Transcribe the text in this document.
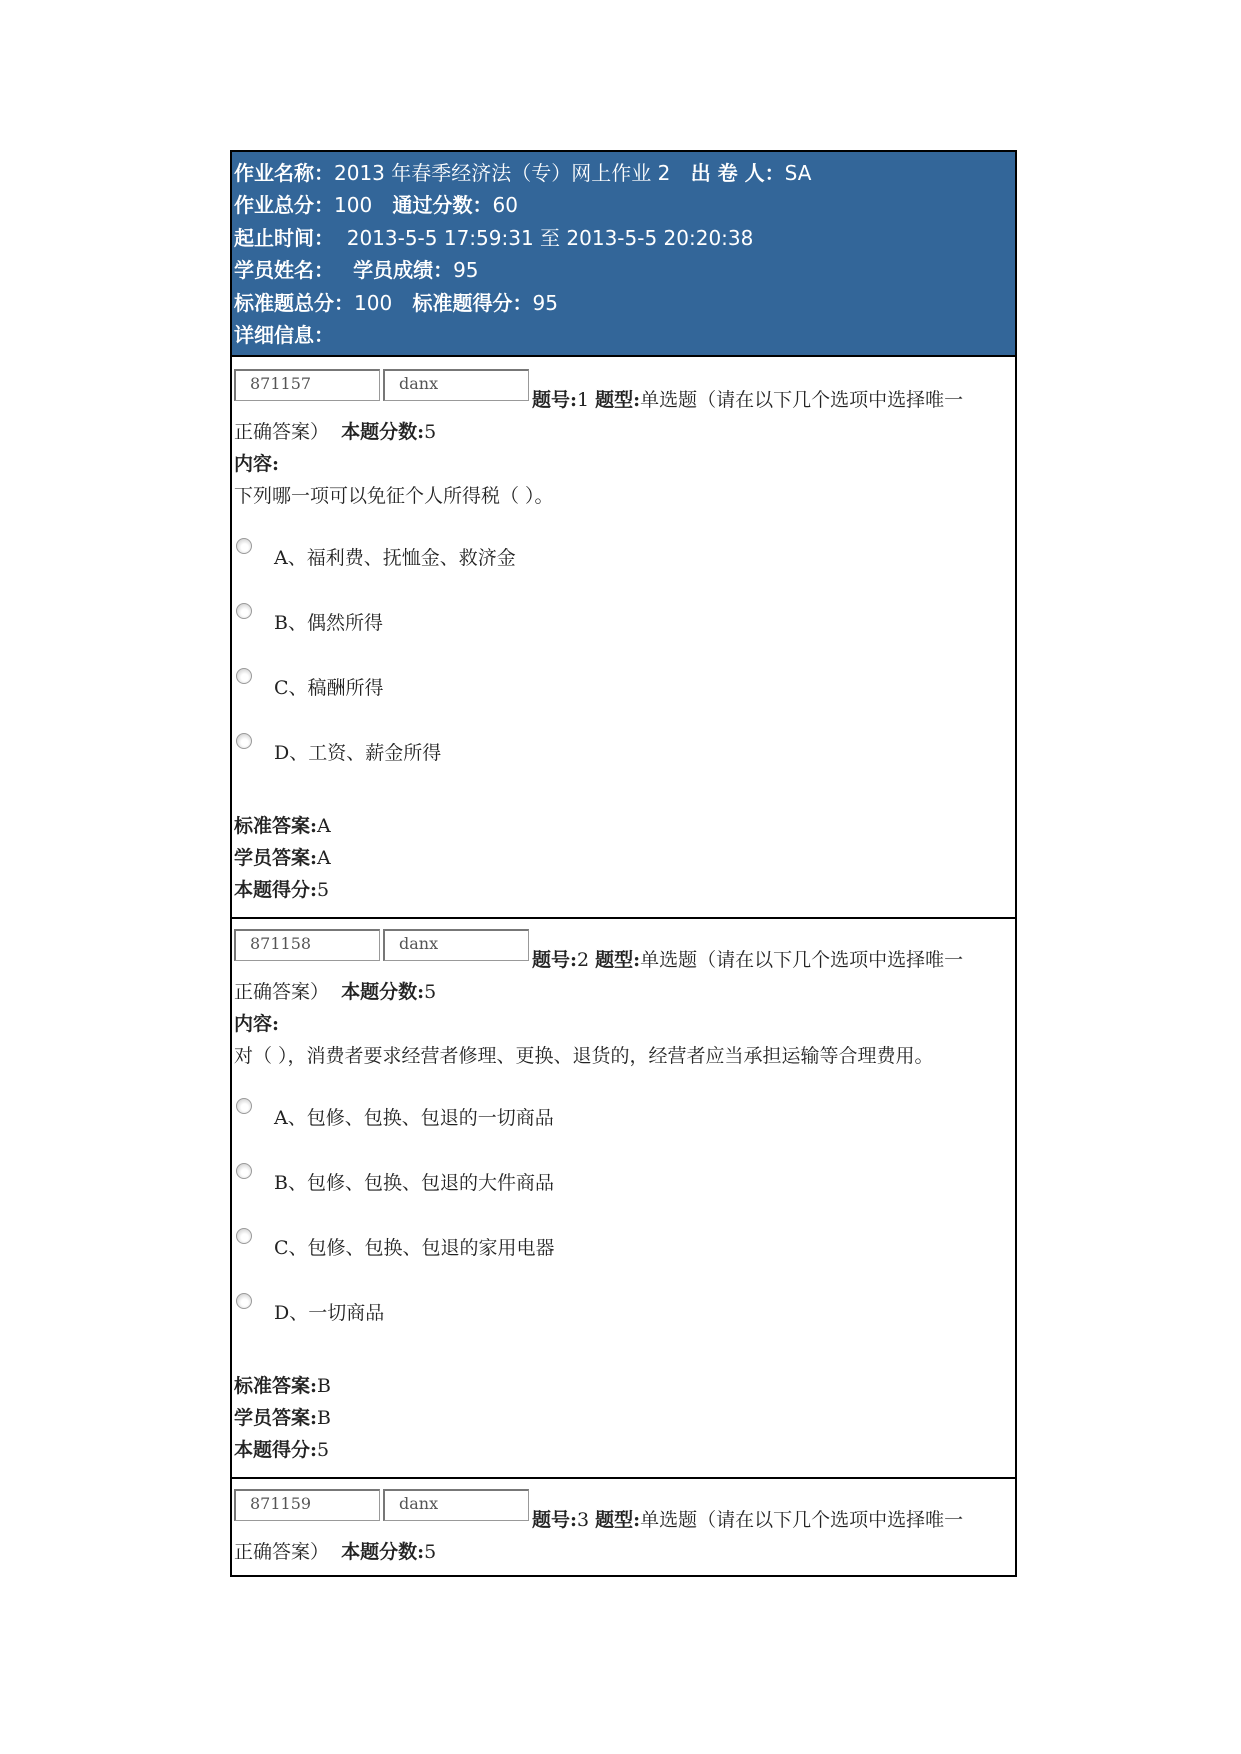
作业名称：2013 年春季经济法（专）网上作业 2 出 卷 人：SA
作业总分：100 通过分数：60
起止时间： 2013-5-5 17:59:31 至 2013-5-5 20:20:38
学员姓名： 学员成绩：95
标准题总分：100 标准题得分：95
详细信息：
871157	danx
题号:1 题型:单选题（请在以下几个选项中选择唯一
正确答案） 本题分数:5
内容:
下列哪一项可以免征个人所得税（ ）。
A、福利费、抚恤金、救济金
B、偶然所得
C、稿酬所得
D、工资、薪金所得
标准答案:A
学员答案:A
本题得分:5
871158	danx
题号:2 题型:单选题（请在以下几个选项中选择唯一
正确答案） 本题分数:5
内容:
对（ ），消费者要求经营者修理、更换、退货的，经营者应当承担运输等合理费用。
A、包修、包换、包退的一切商品
B、包修、包换、包退的大件商品
C、包修、包换、包退的家用电器
D、一切商品
标准答案:B
学员答案:B
本题得分:5
871159	danx
题号:3 题型:单选题（请在以下几个选项中选择唯一
正确答案） 本题分数:5
